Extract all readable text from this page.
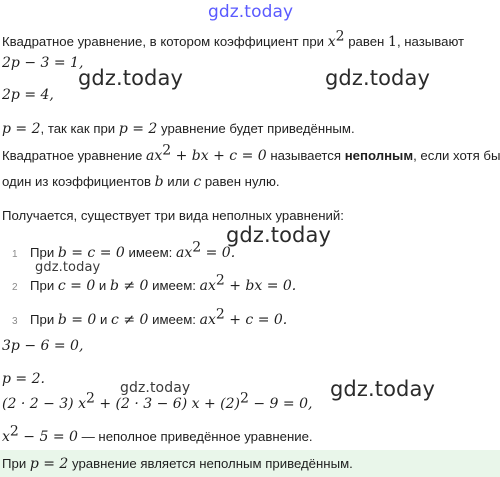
gdz.today
gdz.today	gdz.today
gdz.today
gdz.today
gdz.today	gdz.today
Квадратное уравнение, в котором коэффициент при $x^2$ равен 1, называют
2p − 3 = 1,
2p = 4,
p = 2, так как при p = 2 уравнение будет приведённым.
Квадратное уравнение $ax^2$ + bx + c = 0 называется неполным, если хотя бы
один из коэффициентов b или c равен нулю.
Получается, существует три вида неполных уравнений:
1 При b = c = 0 имеем: $ax^2 = 0$.
2 При c = 0 и b ≠ 0 имеем: $ax^2$ + bx = 0.
3 При b = 0 и c ≠ 0 имеем: $ax^2 + c = 0$.
3p − 6 = 0,
p = 2.
(2 · 2 − 3) $x^2 + (2 \cdot 3 - 6) x + (2)^2 - 9 = 0$,
$x^2 - 5 = 0$ — неполное приведённое уравнение.
При p = 2 уравнение является неполным приведённым.
